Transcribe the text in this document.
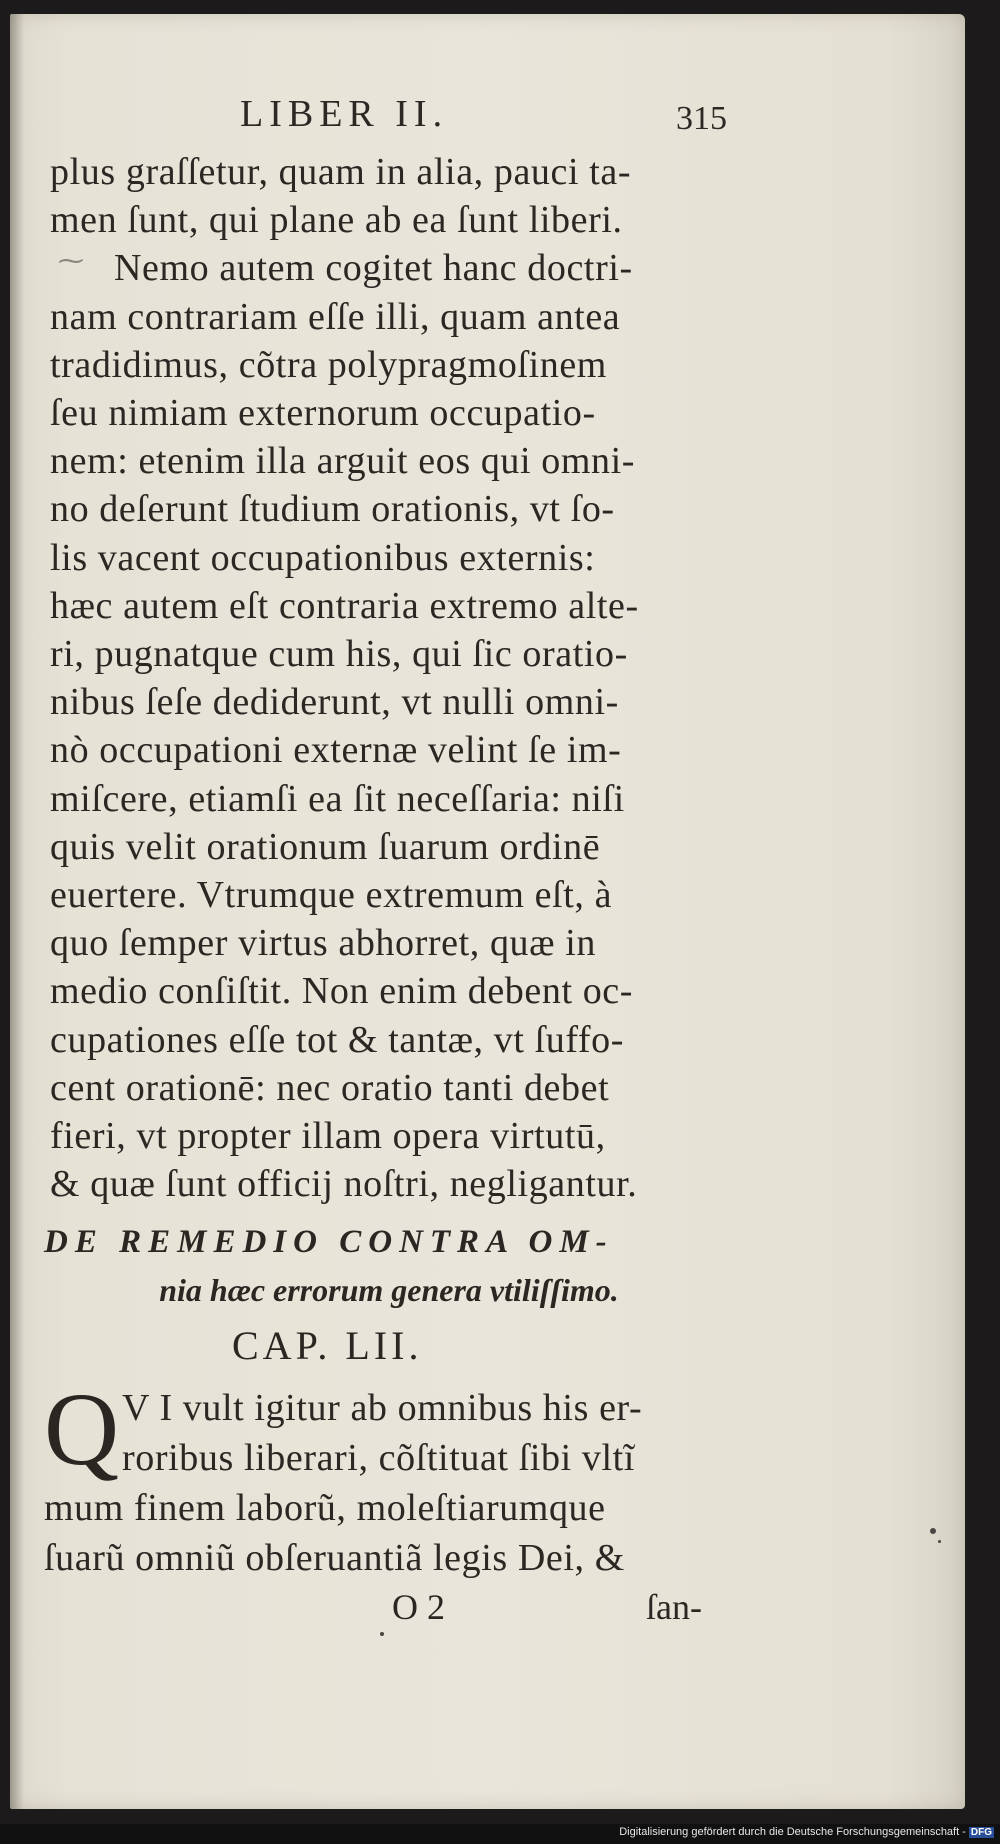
LIBER II.	315
⁓
plus graſſetur, quam in alia, pauci ta-
men ſunt, qui plane ab ea ſunt liberi.
Nemo autem cogitet hanc doctri-
nam contrariam eſſe illi, quam antea
tradidimus, cõtra polypragmoſinem
ſeu nimiam externorum occupatio-
nem: etenim illa arguit eos qui omni-
no deſerunt ſtudium orationis, vt ſo-
lis vacent occupationibus externis:
hæc autem eſt contraria extremo alte-
ri, pugnatque cum his, qui ſic oratio-
nibus ſeſe dediderunt, vt nulli omni-
nò occupationi externæ velint ſe im-
miſcere, etiamſi ea ſit neceſſaria: niſi
quis velit orationum ſuarum ordinē
euertere. Vtrumque extremum eſt, à
quo ſemper virtus abhorret, quæ in
medio conſiſtit. Non enim debent oc-
cupationes eſſe tot & tantæ, vt ſuffo-
cent orationē: nec oratio tanti debet
fieri, vt propter illam opera virtutū,
& quæ ſunt officij noſtri, negligantur.
DE REMEDIO CONTRA OM-
nia hæc errorum genera vtiliſſimo.
CAP. LII.
Q V I vult igitur ab omnibus his er-
roribus liberari, cõſtituat ſibi vltĩ
mum finem laborũ, moleſtiarumque
ſuarũ omniũ obſeruantiã legis Dei, &
O 2	ſan-
Digitalisierung gefördert durch die Deutsche Forschungsgemeinschaft - DFG
